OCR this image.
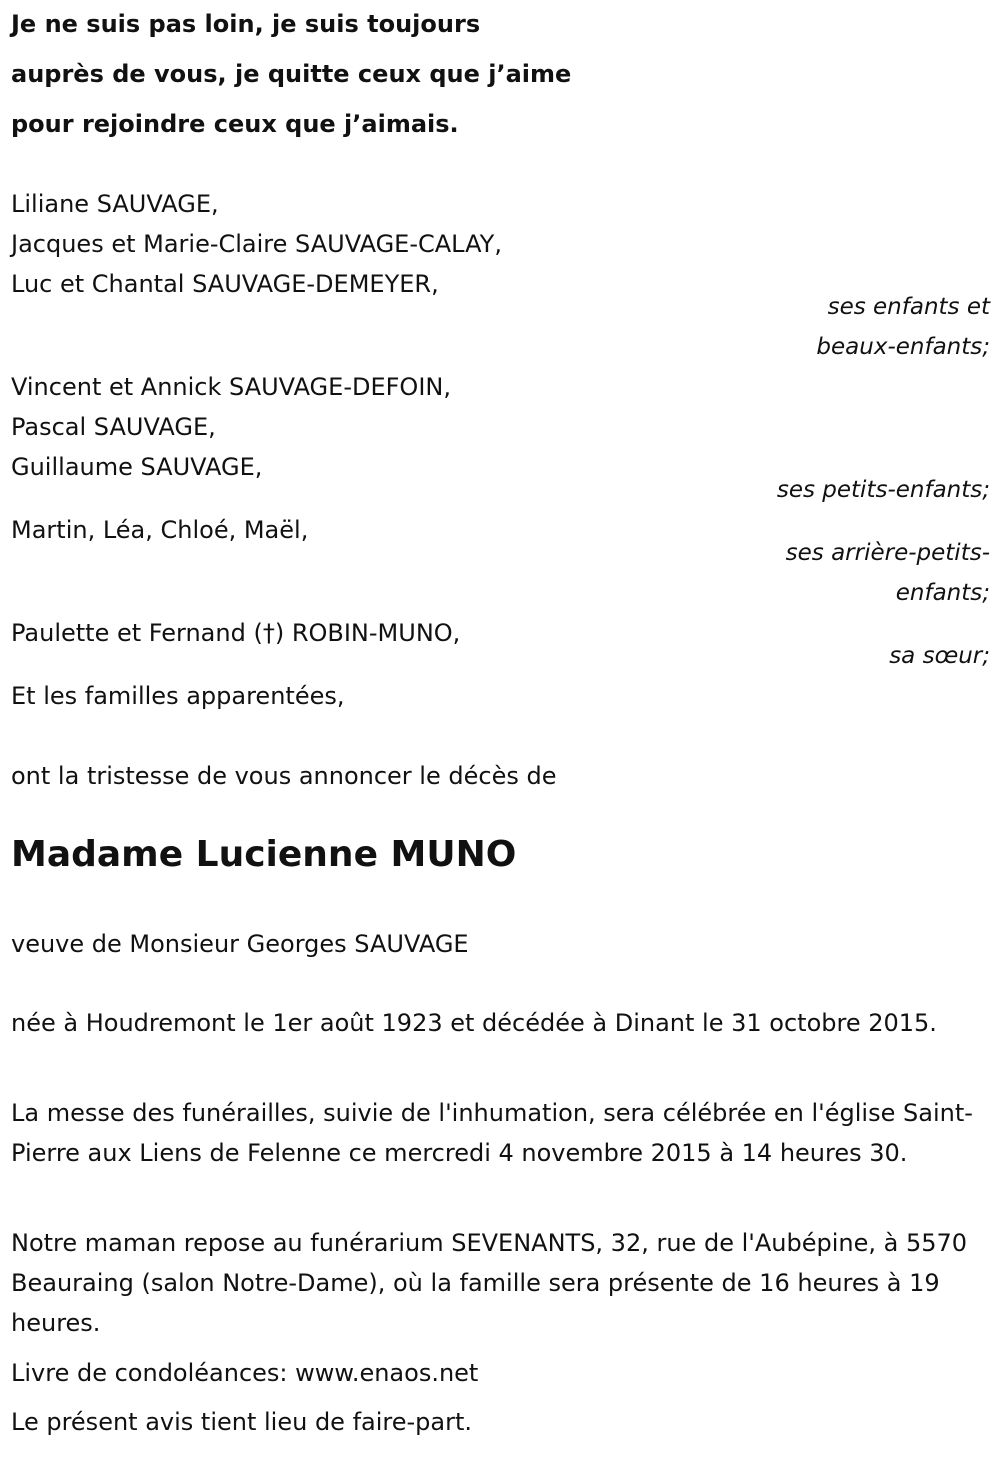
Je ne suis pas loin, je suis toujours
auprès de vous, je quitte ceux que j’aime
pour rejoindre ceux que j’aimais.
Liliane SAUVAGE,
Jacques et Marie-Claire SAUVAGE-CALAY,
Luc et Chantal SAUVAGE-DEMEYER,
ses enfants et
beaux-enfants;
Vincent et Annick SAUVAGE-DEFOIN,
Pascal SAUVAGE,
Guillaume SAUVAGE,
ses petits-enfants;
Martin, Léa, Chloé, Maël,
ses arrière-petits-
enfants;
Paulette et Fernand (†) ROBIN-MUNO,
sa sœur;
Et les familles apparentées,
ont la tristesse de vous annoncer le décès de
Madame Lucienne MUNO
veuve de Monsieur Georges SAUVAGE
née à Houdremont le 1er août 1923 et décédée à Dinant le 31 octobre 2015.
La messe des funérailles, suivie de l'inhumation, sera célébrée en l'église Saint-Pierre aux Liens de Felenne ce mercredi 4 novembre 2015 à 14 heures 30.
Notre maman repose au funérarium SEVENANTS, 32, rue de l'Aubépine, à 5570 Beauraing (salon Notre-Dame), où la famille sera présente de 16 heures à 19 heures.
Livre de condoléances: www.enaos.net
Le présent avis tient lieu de faire-part.
